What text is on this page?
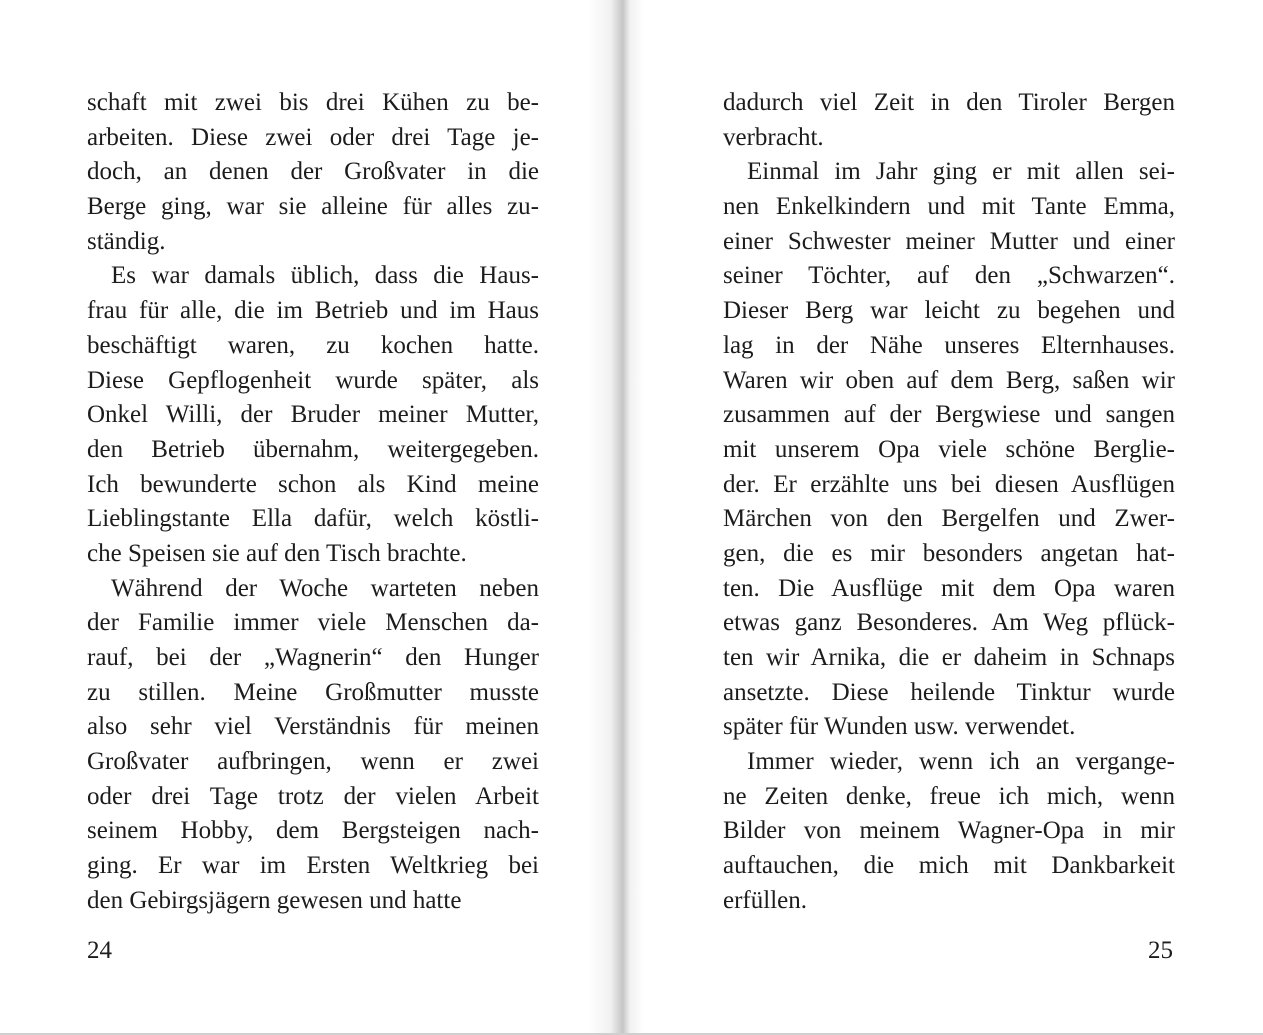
schaft mit zwei bis drei Kühen zu be-
arbeiten. Diese zwei oder drei Tage je-
doch, an denen der Großvater in die
Berge ging, war sie alleine für alles zu-
ständig.
Es war damals üblich, dass die Haus-
frau für alle, die im Betrieb und im Haus
beschäftigt waren, zu kochen hatte.
Diese Gepflogenheit wurde später, als
Onkel Willi, der Bruder meiner Mutter,
den Betrieb übernahm, weitergegeben.
Ich bewunderte schon als Kind meine
Lieblingstante Ella dafür, welch köstli-
che Speisen sie auf den Tisch brachte.
Während der Woche warteten neben
der Familie immer viele Menschen da-
rauf, bei der „Wagnerin“ den Hunger
zu stillen. Meine Großmutter musste
also sehr viel Verständnis für meinen
Großvater aufbringen, wenn er zwei
oder drei Tage trotz der vielen Arbeit
seinem Hobby, dem Bergsteigen nach-
ging. Er war im Ersten Weltkrieg bei
den Gebirgsjägern gewesen und hatte
24
dadurch viel Zeit in den Tiroler Bergen
verbracht.
Einmal im Jahr ging er mit allen sei-
nen Enkelkindern und mit Tante Emma,
einer Schwester meiner Mutter und einer
seiner Töchter, auf den „Schwarzen“.
Dieser Berg war leicht zu begehen und
lag in der Nähe unseres Elternhauses.
Waren wir oben auf dem Berg, saßen wir
zusammen auf der Bergwiese und sangen
mit unserem Opa viele schöne Berglie-
der. Er erzählte uns bei diesen Ausflügen
Märchen von den Bergelfen und Zwer-
gen, die es mir besonders angetan hat-
ten. Die Ausflüge mit dem Opa waren
etwas ganz Besonderes. Am Weg pflück-
ten wir Arnika, die er daheim in Schnaps
ansetzte. Diese heilende Tinktur wurde
später für Wunden usw. verwendet.
Immer wieder, wenn ich an vergange-
ne Zeiten denke, freue ich mich, wenn
Bilder von meinem Wagner-Opa in mir
auftauchen, die mich mit Dankbarkeit
erfüllen.
25
